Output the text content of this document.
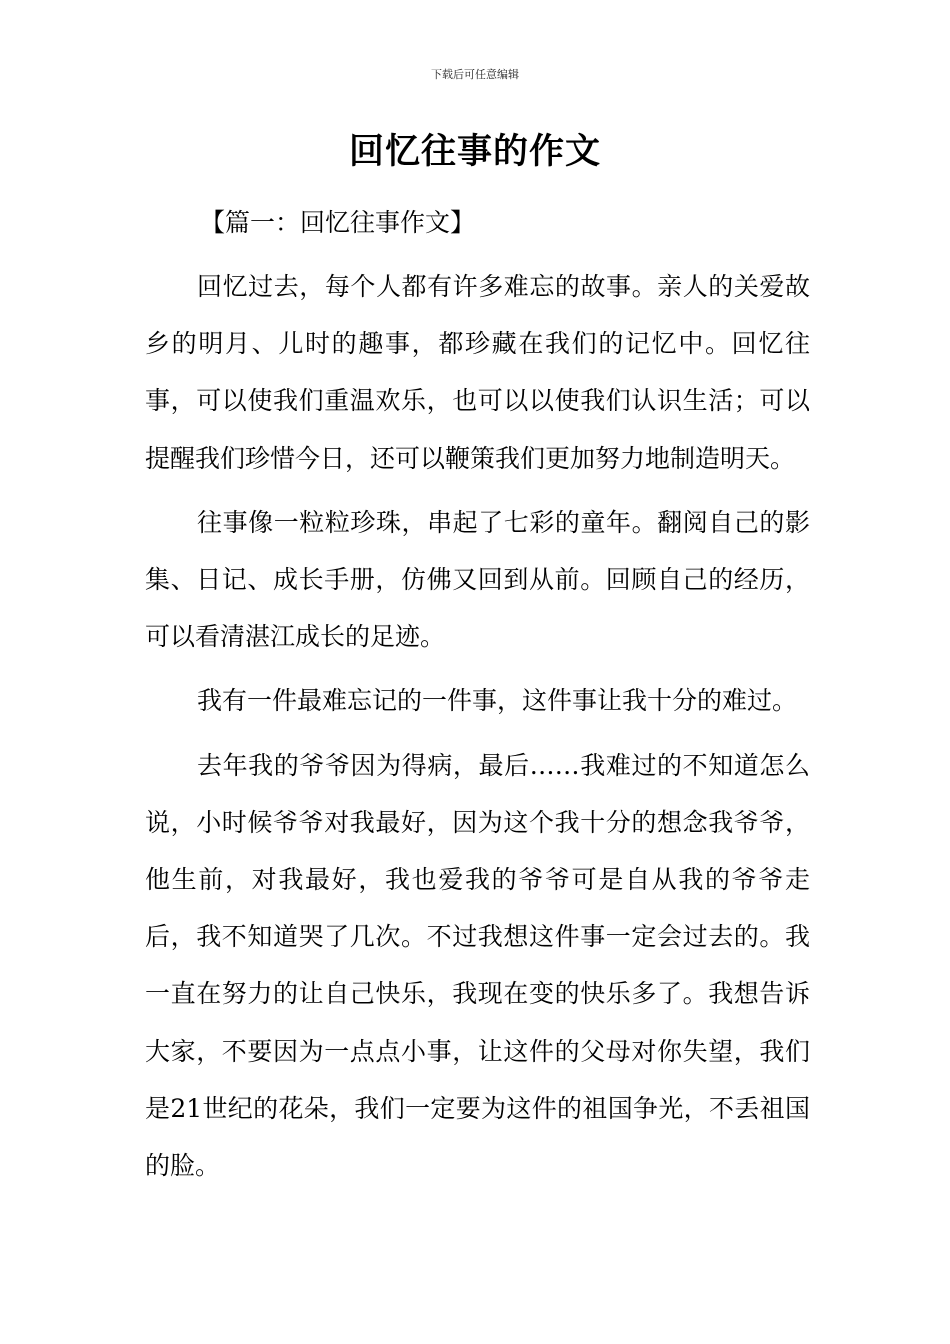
下载后可任意编辑
回忆往事的作文
【篇一：回忆往事作文】

回忆过去，每个人都有许多难忘的故事。亲人的关爱故乡的明月、儿时的趣事，都珍藏在我们的记忆中。回忆往事，可以使我们重温欢乐，也可以以使我们认识生活；可以提醒我们珍惜今日，还可以鞭策我们更加努力地制造明天。

往事像一粒粒珍珠，串起了七彩的童年。翻阅自己的影集、日记、成长手册，仿佛又回到从前。回顾自己的经历，可以看清湛江成长的足迹。

我有一件最难忘记的一件事，这件事让我十分的难过。

去年我的爷爷因为得病，最后……我难过的不知道怎么说，小时候爷爷对我最好，因为这个我十分的想念我爷爷，他生前，对我最好，我也爱我的爷爷可是自从我的爷爷走后，我不知道哭了几次。不过我想这件事一定会过去的。我一直在努力的让自己快乐，我现在变的快乐多了。我想告诉大家，不要因为一点点小事，让这件的父母对你失望，我们是21世纪的花朵，我们一定要为这件的祖国争光，不丢祖国的脸。
